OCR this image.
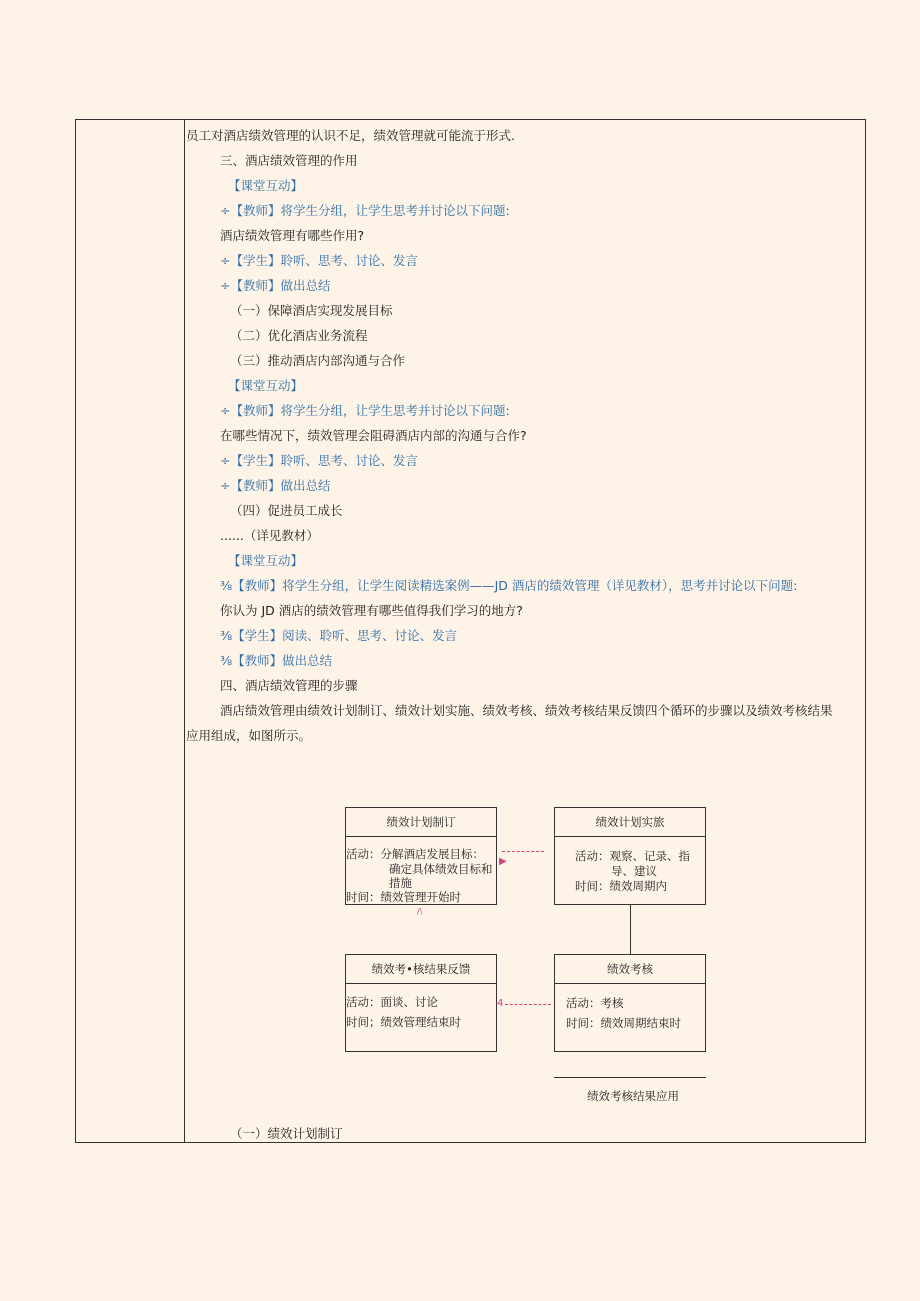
员工对酒店绩效管理的认识不足，绩效管理就可能流于形式.
三、酒店绩效管理的作用
【课堂互动】
÷【教师】将学生分组，让学生思考并讨论以下问题:
酒店绩效管理有哪些作用?
÷【学生】聆听、思考、讨论、发言
÷【教师】做出总结
（一）保障酒店实现发展目标
（二）优化酒店业务流程
（三）推动酒店内部沟通与合作
【课堂互动】
÷【教师】将学生分组，让学生思考并讨论以下问题:
在哪些情况下，绩效管理会阻碍酒店内部的沟通与合作?
÷【学生】聆听、思考、讨论、发言
÷【教师】做出总结
（四）促进员工成长
......（详见教材）
【课堂互动】
⅜【教师】将学生分组，让学生阅读精选案例——JD 酒店的绩效管理（详见教材），思考并讨论以下问题:
你认为 JD 酒店的绩效管理有哪些值得我们学习的地方?
⅜【学生】阅读、聆听、思考、讨论、发言
⅜【教师】做出总结
四、酒店绩效管理的步骤
酒店绩效管理由绩效计划制订、绩效计划实施、绩效考核、绩效考核结果反馈四个循环的步骤以及绩效考核结果
应用组成，如图所示。
绩效计划制订
活动：分解酒店发展目标：
确定具体绩效目标和
措施
时间：绩效管理开始时
绩效计划实旅
活动：观察、记录、指
导、建议
时间：绩效周期内
绩效考•核结果反馈
活动：面谈、讨论
时间；绩效管理结束时
绩效考核
活动：考核
时间：绩效周期结束时
▶
/\
4
绩效考核结果应用
（一）绩效计划制订
